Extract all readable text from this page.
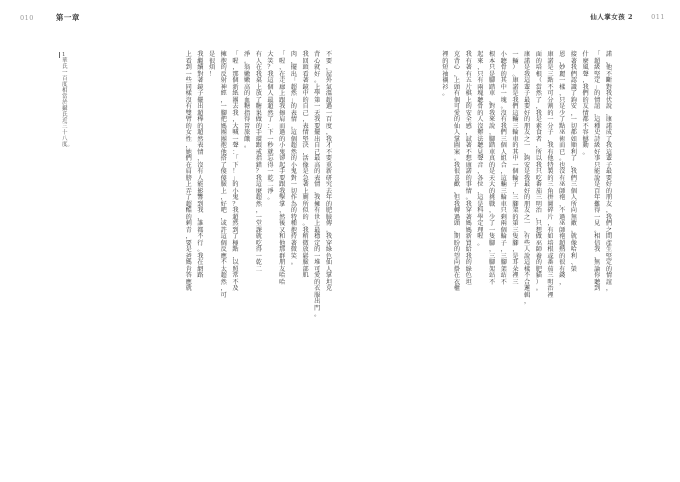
010	第一章	仙人掌女孩 2	011
1 華氏一百度相當於攝氏近三十八度。
不要，屋外氣溫超過一百度，我才不要重新研究去年的肥臉傳。我穿綠色仙人掌坦克
背心就好。上學第一天我要擺出自己最高的表情，我擁有世上最穩定的一堆可愛的衣服出門。
我回頭看著鏡中的自己，表情堅決，活像是急著上廁所似的。我稍微放鬆臉部肌
肉，擺出「超然」的表情。這個超然的小鬼對一切作為的特種抱持著微笑。
「喔，在走廊上跟我擦肩而過的小鬼卻起手要跟我擊掌，然後又和他那群朋友哈哈
大笑？我這個人最超然了：下一秒就忘得一乾二淨。
有人在我桌上放了糖果做的手環跟戒指錯？我這麼超然，一堂課就吃得一乾二
淨。翁嫩嫩高的血糖指得晉旅餓。
「喔，那個新紙團去我，大喊一聲：「下！」的小鬼？我超然到了極點，以照常不及
擁抱的反射神經，一腳把媽團團抱他搭了傻傻臉上，好吧，或許這個反應不太超然，可
是很煩！
我繼續對著鏡子擺出超棒的超然表情，沒有人能影響到我，誰都不行。我在網路
上看到一些同樣沒有雙臂的女性，她們在肩膀上弄了超酷的刺青，要是爸媽肯答應就
諾，他不斷對我伏說，康諾成了我這輩子最要好的朋友，我們之間產生堅定的情誼，
「超級堅定」的情誼，這種史詩級好事只能說是百年難得一見。相信我，無論你聽到
什麼風聲，我們的友情都不容撼動。
接著我們認識了鉤安，一切都如順利了，我們三個人所向無敵。就像哈利、榮
恩、妙麗一樣，只是少了點巫術而已。也沒有巫師袍，不過巫師袍超熱的很有錢，
康諾是三點不可分割的一分子，我有他特製的三角拼圖碎片，有如培根或番茄三明治裡
面的培根（當然了，我是素食者，所以我只吃番茄三明治，只想做巫師養的肥貓）。
康諾是我這輩子最要好的朋友之一，鉤安是我最好的朋友之一，有些人說這樣不合邏輯，
一輛）。康諾是我們這輛三輪車的其中一個輪子，三腳架的第三隻腳，是耳朵裡三
小聽骨的其中一塊。沒有我們三個人組合，這輛三輪車只剩兩個輪子，三腳架站不
根本只是腳踏車，對我來說，腳踏車真的是天大的挑戰，少了一隻腳，三腳架站不
起來，只有兩塊聽骨的人沒辦法聽見聲音，各位，這是科學定理喔。
我有著有五片棋上的安全感，試著不想康諾的事情。我穿著媽媽新買給我的綠色坦
克背心，上頭有個可愛的仙人掌圖案。我很喜歡，但我轉過頭，期盼的望向掛在衣櫃
裡的短袖襯衫。
